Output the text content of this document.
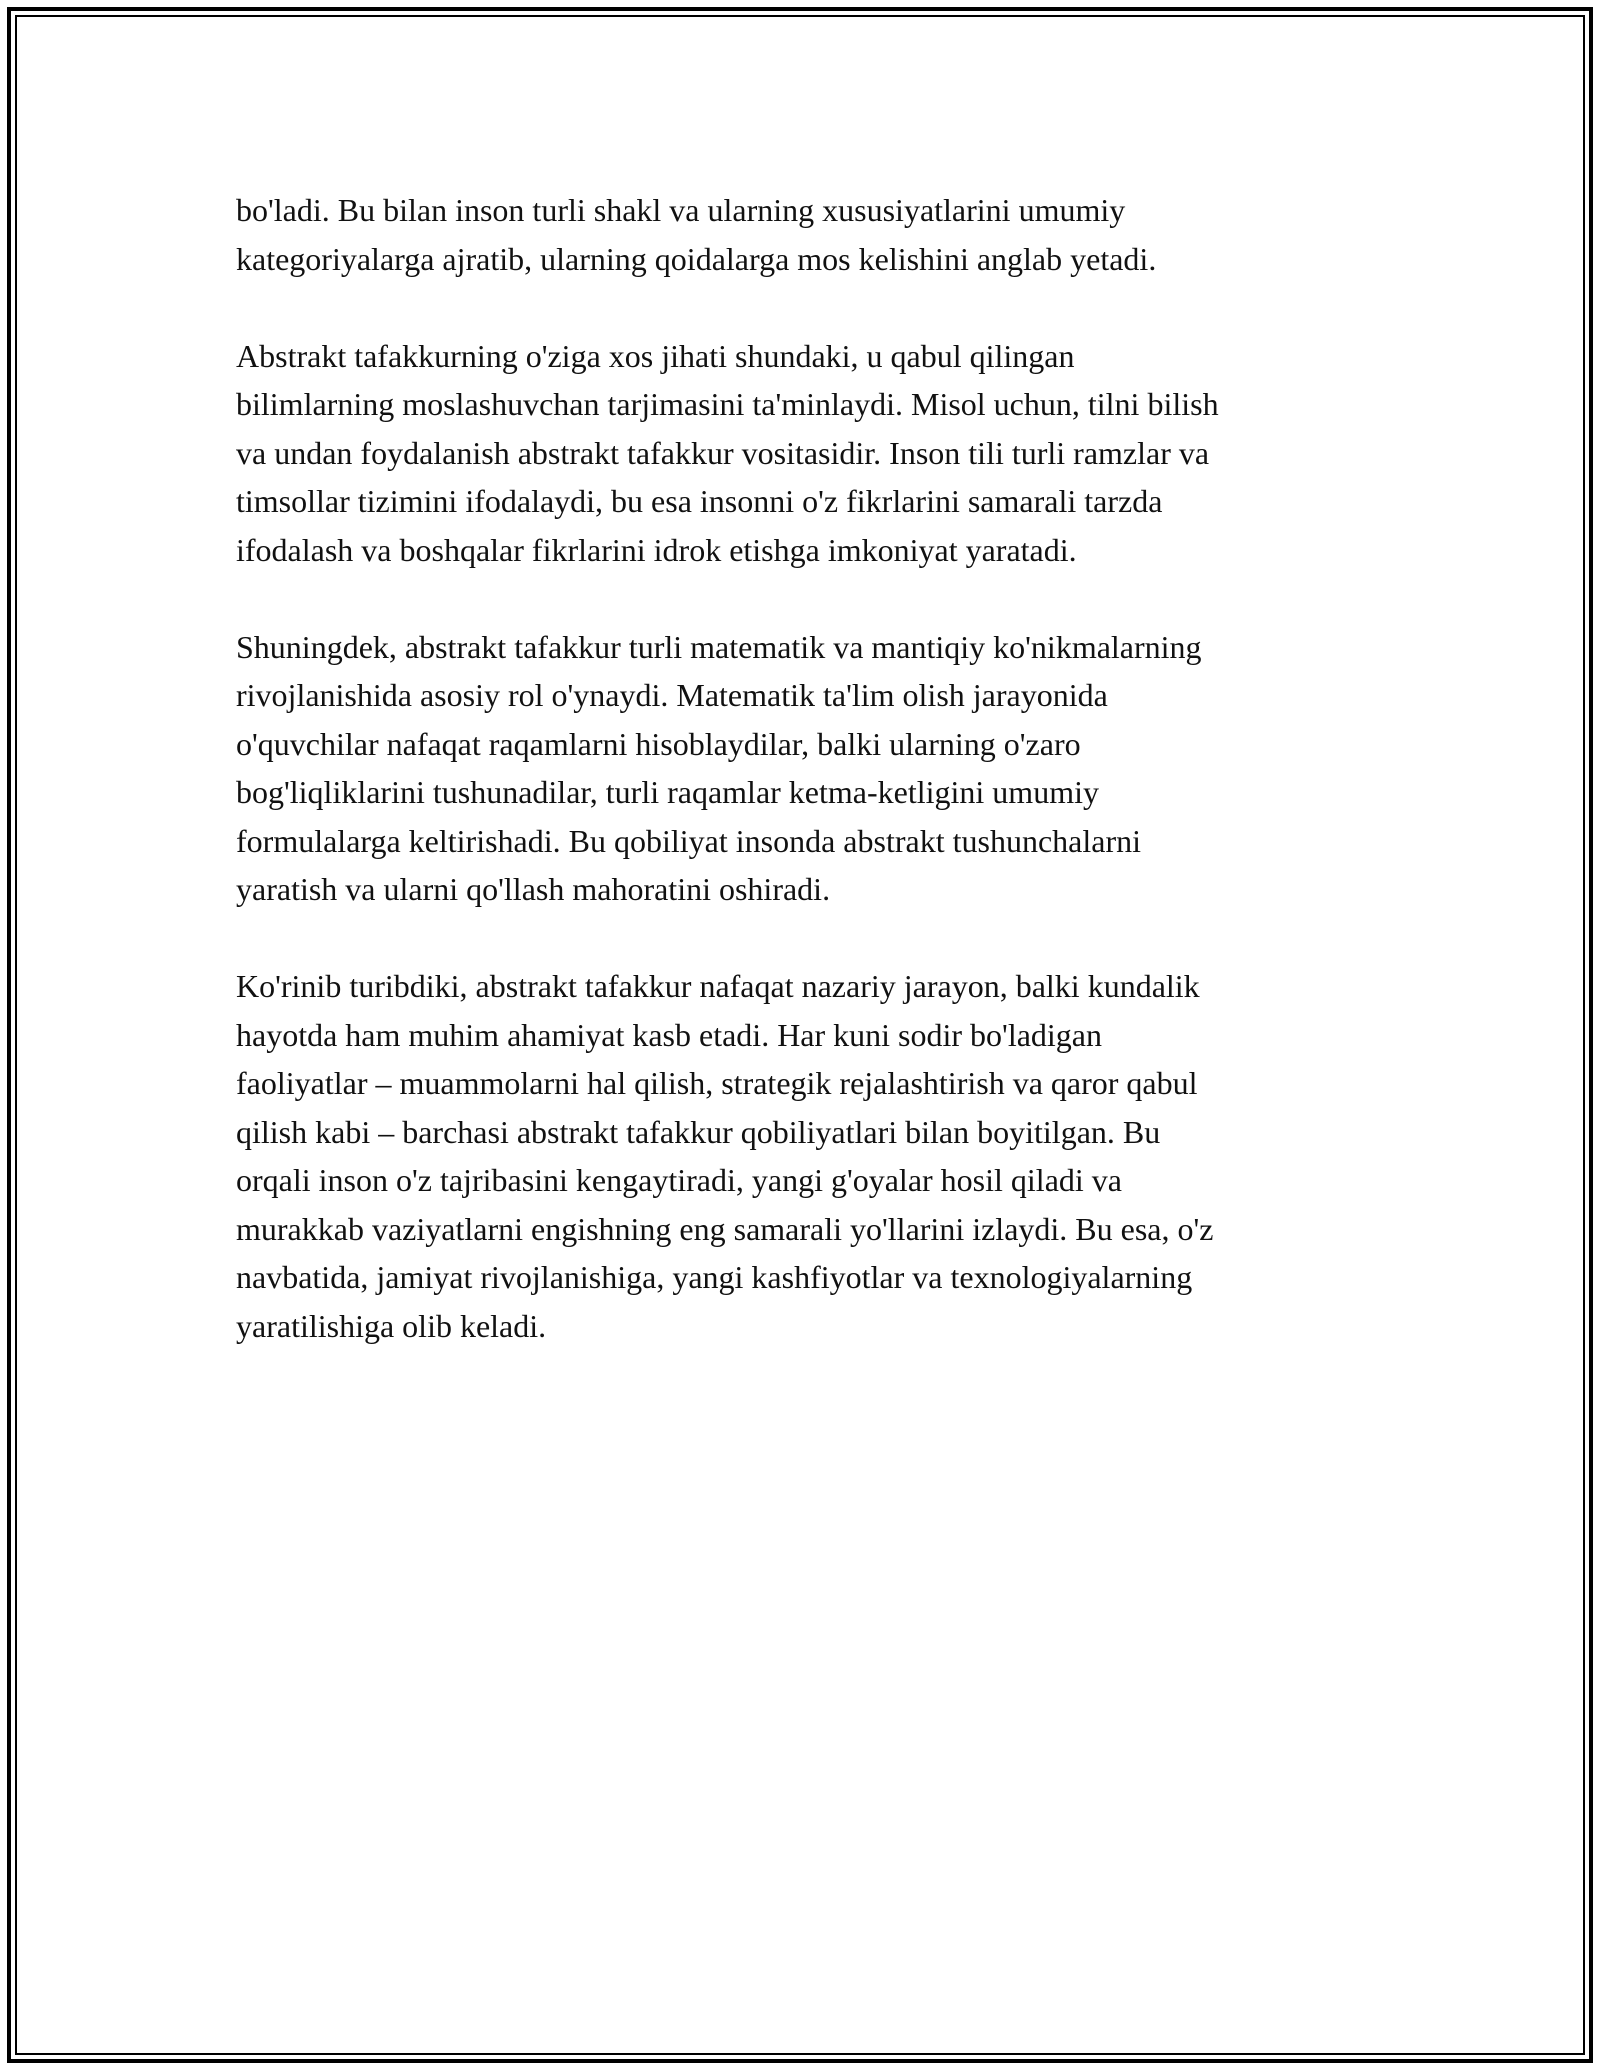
bo'ladi. Bu bilan inson turli shakl va ularning xususiyatlarini umumiy
kategoriyalarga ajratib, ularning qoidalarga mos kelishini anglab yetadi.

Abstrakt tafakkurning o'ziga xos jihati shundaki, u qabul qilingan
bilimlarning moslashuvchan tarjimasini ta'minlaydi. Misol uchun, tilni bilish
va undan foydalanish abstrakt tafakkur vositasidir. Inson tili turli ramzlar va
timsollar tizimini ifodalaydi, bu esa insonni o'z fikrlarini samarali tarzda
ifodalash va boshqalar fikrlarini idrok etishga imkoniyat yaratadi.

Shuningdek, abstrakt tafakkur turli matematik va mantiqiy ko'nikmalarning
rivojlanishida asosiy rol o'ynaydi. Matematik ta'lim olish jarayonida
o'quvchilar nafaqat raqamlarni hisoblaydilar, balki ularning o'zaro
bog'liqliklarini tushunadilar, turli raqamlar ketma-ketligini umumiy
formulalarga keltirishadi. Bu qobiliyat insonda abstrakt tushunchalarni
yaratish va ularni qo'llash mahoratini oshiradi.

Ko'rinib turibdiki, abstrakt tafakkur nafaqat nazariy jarayon, balki kundalik
hayotda ham muhim ahamiyat kasb etadi. Har kuni sodir bo'ladigan
faoliyatlar – muammolarni hal qilish, strategik rejalashtirish va qaror qabul
qilish kabi – barchasi abstrakt tafakkur qobiliyatlari bilan boyitilgan. Bu
orqali inson o'z tajribasini kengaytiradi, yangi g'oyalar hosil qiladi va
murakkab vaziyatlarni engishning eng samarali yo'llarini izlaydi. Bu esa, o'z
navbatida, jamiyat rivojlanishiga, yangi kashfiyotlar va texnologiyalarning
yaratilishiga olib keladi.
